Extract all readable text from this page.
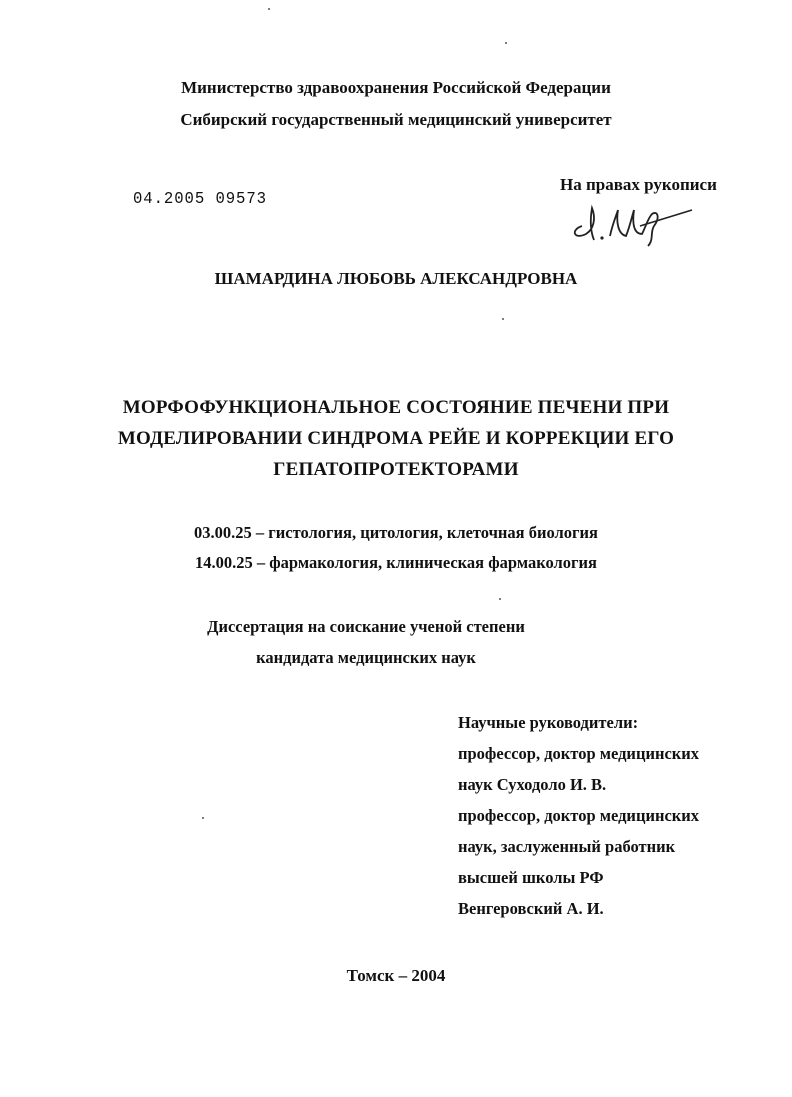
Министерство здравоохранения Российской Федерации
Сибирский государственный медицинский университет
04.2005 09573
На правах рукописи
ШАМАРДИНА ЛЮБОВЬ АЛЕКСАНДРОВНА
МОРФОФУНКЦИОНАЛЬНОЕ СОСТОЯНИЕ ПЕЧЕНИ ПРИ
МОДЕЛИРОВАНИИ СИНДРОМА РЕЙЕ И КОРРЕКЦИИ ЕГО
ГЕПАТОПРОТЕКТОРАМИ
03.00.25 – гистология, цитология, клеточная биология
14.00.25 – фармакология, клиническая фармакология
Диссертация на соискание ученой степени
кандидата медицинских наук
Научные руководители:
профессор, доктор медицинских
наук Суходоло И. В.
профессор, доктор медицинских
наук, заслуженный работник
высшей школы РФ
Венгеровский А. И.
Томск – 2004
